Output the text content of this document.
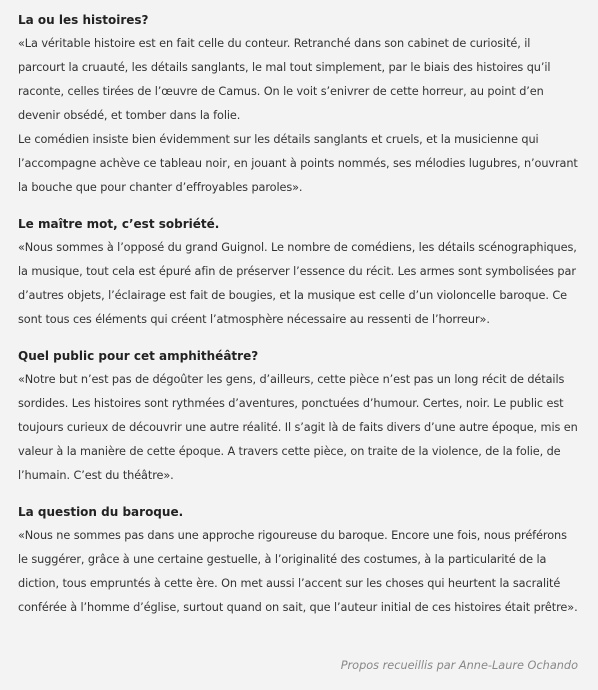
La ou les histoires?

«La véritable histoire est en fait celle du conteur. Retranché dans son cabinet de curiosité, il parcourt la cruauté, les détails sanglants, le mal tout simplement, par le biais des histoires qu’il raconte, celles tirées de l’œuvre de Camus. On le voit s’enivrer de cette horreur, au point d’en devenir obsédé, et tomber dans la folie.

Le comédien insiste bien évidemment sur les détails sanglants et cruels, et la musicienne qui l’accompagne achève ce tableau noir, en jouant à points nommés, ses mélodies lugubres, n’ouvrant la bouche que pour chanter d’effroyables paroles».

Le maître mot, c’est sobriété.

«Nous sommes à l’opposé du grand Guignol. Le nombre de comédiens, les détails scénographiques, la musique, tout cela est épuré afin de préserver l’essence du récit. Les armes sont symbolisées par d’autres objets, l’éclairage est fait de bougies, et la musique est celle d’un violoncelle baroque. Ce sont tous ces éléments qui créent l’atmosphère nécessaire au ressenti de l’horreur».

Quel public pour cet amphithéâtre?

«Notre but n’est pas de dégoûter les gens, d’ailleurs, cette pièce n’est pas un long récit de détails sordides. Les histoires sont rythmées d’aventures, ponctuées d’humour. Certes, noir. Le public est toujours curieux de découvrir une autre réalité. Il s’agit là de faits divers d’une autre époque, mis en valeur à la manière de cette époque. A travers cette pièce, on traite de la violence, de la folie, de l’humain. C’est du théâtre».

La question du baroque.

«Nous ne sommes pas dans une approche rigoureuse du baroque. Encore une fois, nous préférons le suggérer, grâce à une certaine gestuelle, à l’originalité des costumes, à la particularité de la diction, tous empruntés à cette ère. On met aussi l’accent sur les choses qui heurtent la sacralité conférée à l’homme d’église, surtout quand on sait, que l’auteur initial de ces histoires était prêtre».

Propos recueillis par Anne-Laure Ochando
